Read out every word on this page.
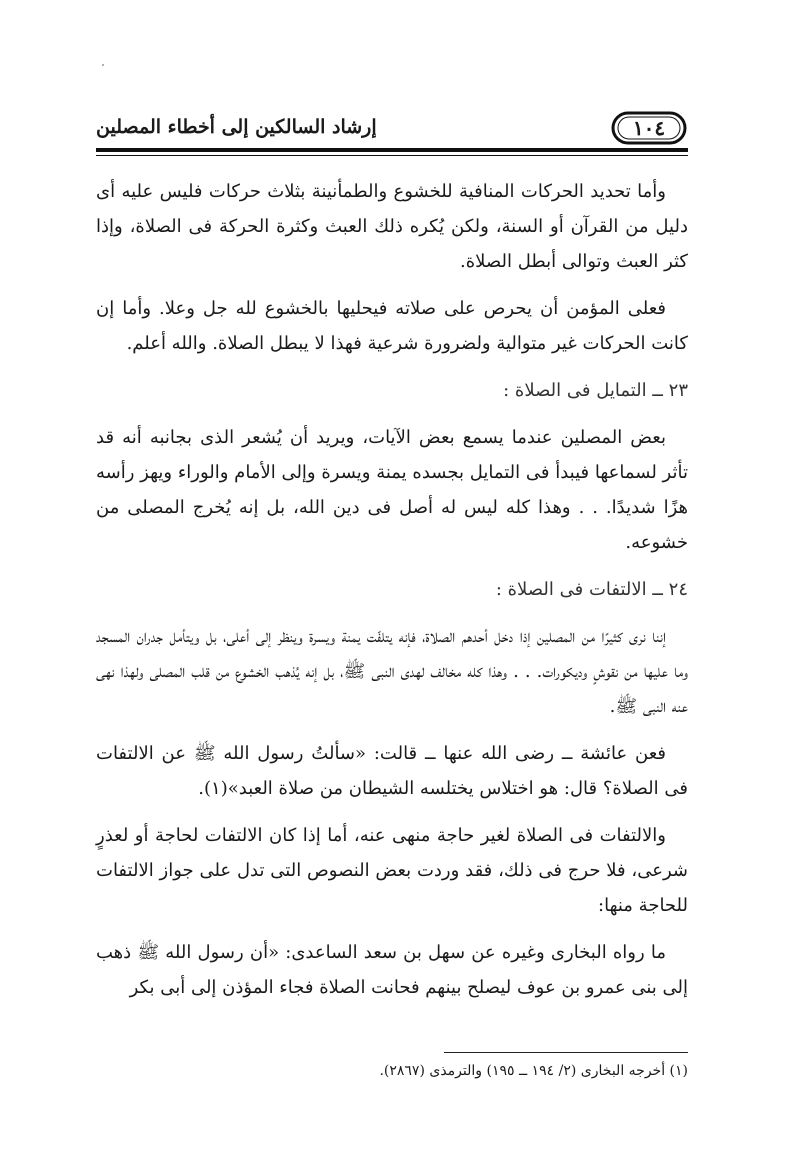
١٠٤
إرشاد السالكين إلى أخطاء المصلين

وأما تحديد الحركات المنافية للخشوع والطمأنينة بثلاث حركات فليس عليه أى دليل من القرآن أو السنة، ولكن يُكره ذلك العبث وكثرة الحركة فى الصلاة، وإذا كثر العبث وتوالى أبطل الصلاة.

فعلى المؤمن أن يحرص على صلاته فيحليها بالخشوع لله جل وعلا. وأما إن كانت الحركات غير متوالية ولضرورة شرعية فهذا لا يبطل الصلاة. والله أعلم.

٢٣ ــ التمايل فى الصلاة :

بعض المصلين عندما يسمع بعض الآيات، ويريد أن يُشعر الذى بجانبه أنه قد تأثر لسماعها فيبدأ فى التمايل بجسده يمنة ويسرة وإلى الأمام والوراء ويهز رأسه هزًا شديدًا. . . وهذا كله ليس له أصل فى دين الله، بل إنه يُخرج المصلى من خشوعه.

٢٤ ــ الالتفات فى الصلاة :

إننا نرى كثيرًا من المصلين إذا دخل أحدهم الصلاة، فإنه يتلفّت يمنة ويسرة وينظر إلى أعلى، بل ويتأمل جدران المسجد وما عليها من نقوشٍ وديكورات. . . وهذا كله مخالف لهدى النبى ﷺ، بل إنه يُذهب الخشوع من قلب المصلى ولهذا نهى عنه النبى ﷺ.

فعن عائشة ــ رضى الله عنها ــ قالت: «سألتُ رسول الله ﷺ عن الالتفات فى الصلاة؟ قال: هو اختلاس يختلسه الشيطان من صلاة العبد»(١).

والالتفات فى الصلاة لغير حاجة منهى عنه، أما إذا كان الالتفات لحاجة أو لعذرٍ شرعى، فلا حرج فى ذلك، فقد وردت بعض النصوص التى تدل على جواز الالتفات للحاجة منها:

ما رواه البخارى وغيره عن سهل بن سعد الساعدى: «أن رسول الله ﷺ ذهب إلى بنى عمرو بن عوف ليصلح بينهم فحانت الصلاة فجاء المؤذن إلى أبى بكر

(١) أخرجه البخارى (٢/ ١٩٤ ــ ١٩٥) والترمذى (٢٨٦٧).
